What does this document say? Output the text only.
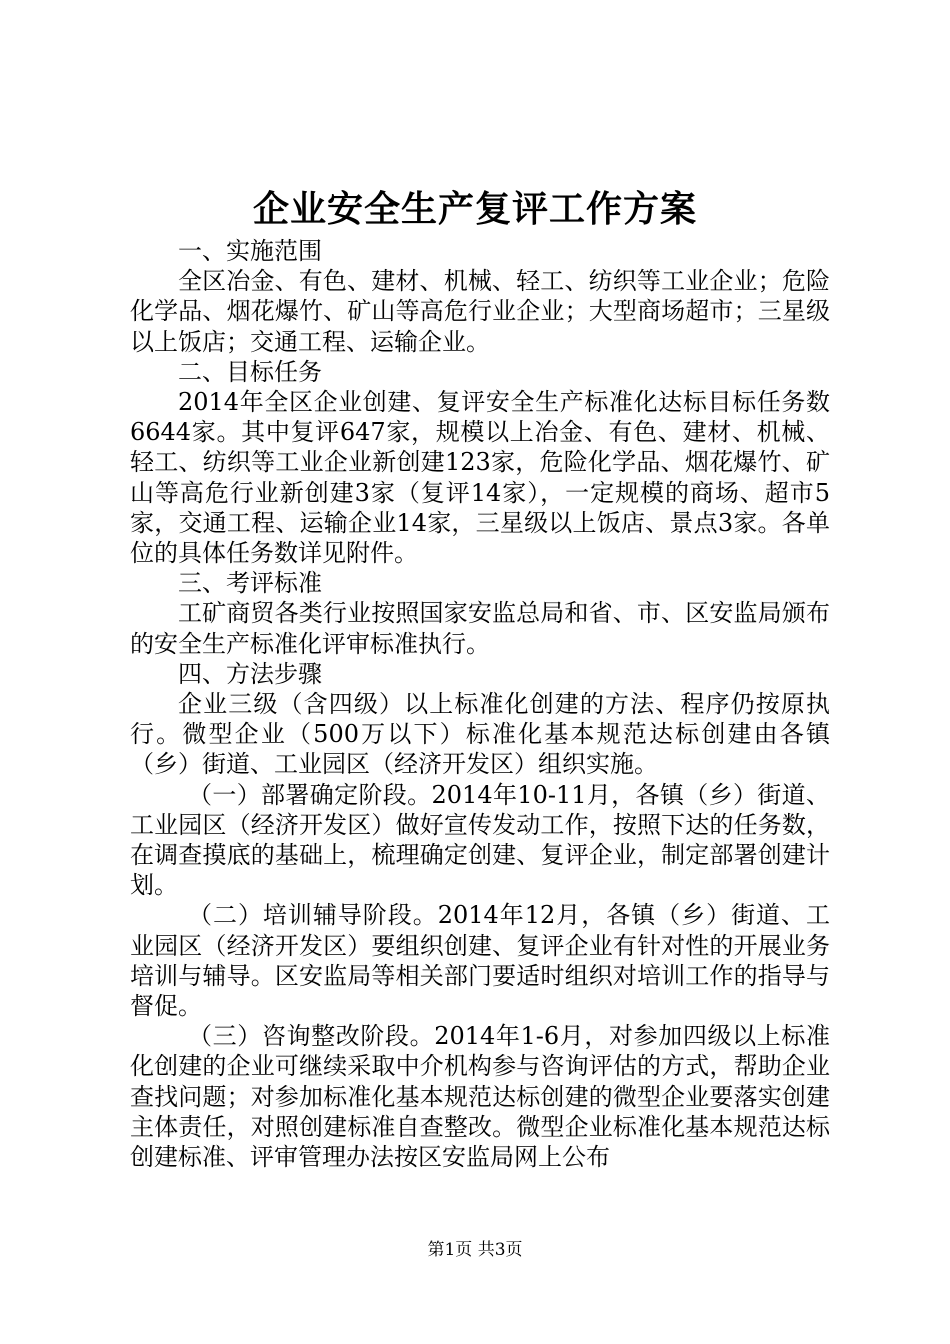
企业安全生产复评工作方案

一、实施范围

全区冶金、有色、建材、机械、轻工、纺织等工业企业；危险化学品、烟花爆竹、矿山等高危行业企业；大型商场超市；三星级以上饭店；交通工程、运输企业。

二、目标任务

2014年全区企业创建、复评安全生产标准化达标目标任务数6644家。其中复评647家，规模以上冶金、有色、建材、机械、轻工、纺织等工业企业新创建123家，危险化学品、烟花爆竹、矿山等高危行业新创建3家（复评14家），一定规模的商场、超市5家，交通工程、运输企业14家，三星级以上饭店、景点3家。各单位的具体任务数详见附件。

三、考评标准

工矿商贸各类行业按照国家安监总局和省、市、区安监局颁布的安全生产标准化评审标准执行。

四、方法步骤

企业三级（含四级）以上标准化创建的方法、程序仍按原执行。微型企业（500万以下）标准化基本规范达标创建由各镇（乡）街道、工业园区（经济开发区）组织实施。

（一）部署确定阶段。2014年10-11月，各镇（乡）街道、工业园区（经济开发区）做好宣传发动工作，按照下达的任务数，在调查摸底的基础上，梳理确定创建、复评企业，制定部署创建计划。

（二）培训辅导阶段。2014年12月，各镇（乡）街道、工业园区（经济开发区）要组织创建、复评企业有针对性的开展业务培训与辅导。区安监局等相关部门要适时组织对培训工作的指导与督促。

（三）咨询整改阶段。2014年1-6月，对参加四级以上标准化创建的企业可继续采取中介机构参与咨询评估的方式，帮助企业查找问题；对参加标准化基本规范达标创建的微型企业要落实创建主体责任，对照创建标准自查整改。微型企业标准化基本规范达标创建标准、评审管理办法按区安监局网上公布

第1页 共3页
